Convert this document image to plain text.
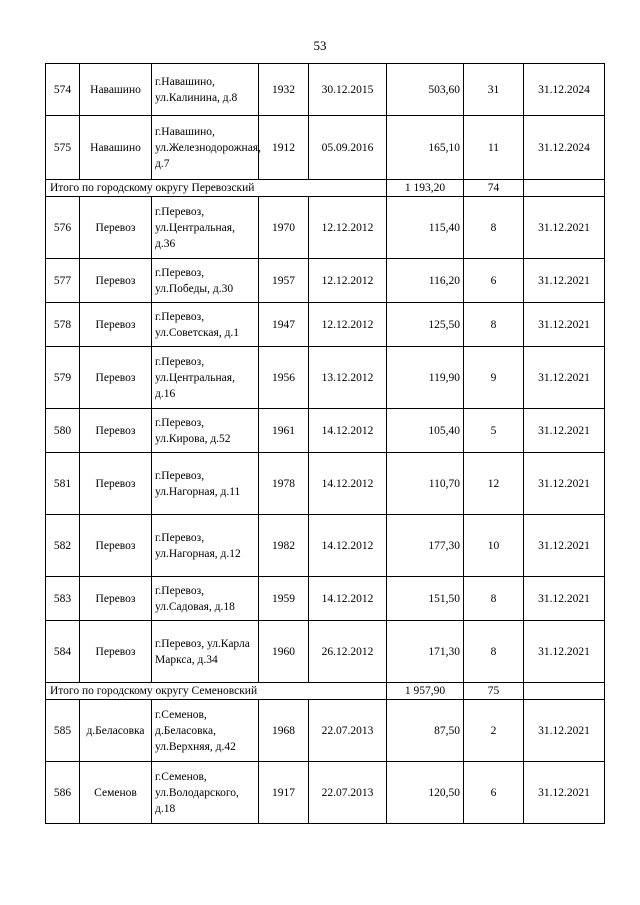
53
574	Навашино	г.Навашино, ул.Калинина, д.8	1932	30.12.2015	503,60	31	31.12.2024
575	Навашино	г.Навашино, ул.Железнодорожная, д.7	1912	05.09.2016	165,10	11	31.12.2024
Итого по городскому округу Перевозский					1 193,20	74	
576	Перевоз	г.Перевоз, ул.Центральная, д.36	1970	12.12.2012	115,40	8	31.12.2021
577	Перевоз	г.Перевоз, ул.Победы, д.30	1957	12.12.2012	116,20	6	31.12.2021
578	Перевоз	г.Перевоз, ул.Советская, д.1	1947	12.12.2012	125,50	8	31.12.2021
579	Перевоз	г.Перевоз, ул.Центральная, д.16	1956	13.12.2012	119,90	9	31.12.2021
580	Перевоз	г.Перевоз, ул.Кирова, д.52	1961	14.12.2012	105,40	5	31.12.2021
581	Перевоз	г.Перевоз, ул.Нагорная, д.11	1978	14.12.2012	110,70	12	31.12.2021
582	Перевоз	г.Перевоз, ул.Нагорная, д.12	1982	14.12.2012	177,30	10	31.12.2021
583	Перевоз	г.Перевоз, ул.Садовая, д.18	1959	14.12.2012	151,50	8	31.12.2021
584	Перевоз	г.Перевоз, ул.Карла Маркса, д.34	1960	26.12.2012	171,30	8	31.12.2021
Итого по городскому округу Семеновский					1 957,90	75	
585	д.Беласовка	г.Семенов, д.Беласовка, ул.Верхняя, д.42	1968	22.07.2013	87,50	2	31.12.2021
586	Семенов	г.Семенов, ул.Володарского, д.18	1917	22.07.2013	120,50	6	31.12.2021
